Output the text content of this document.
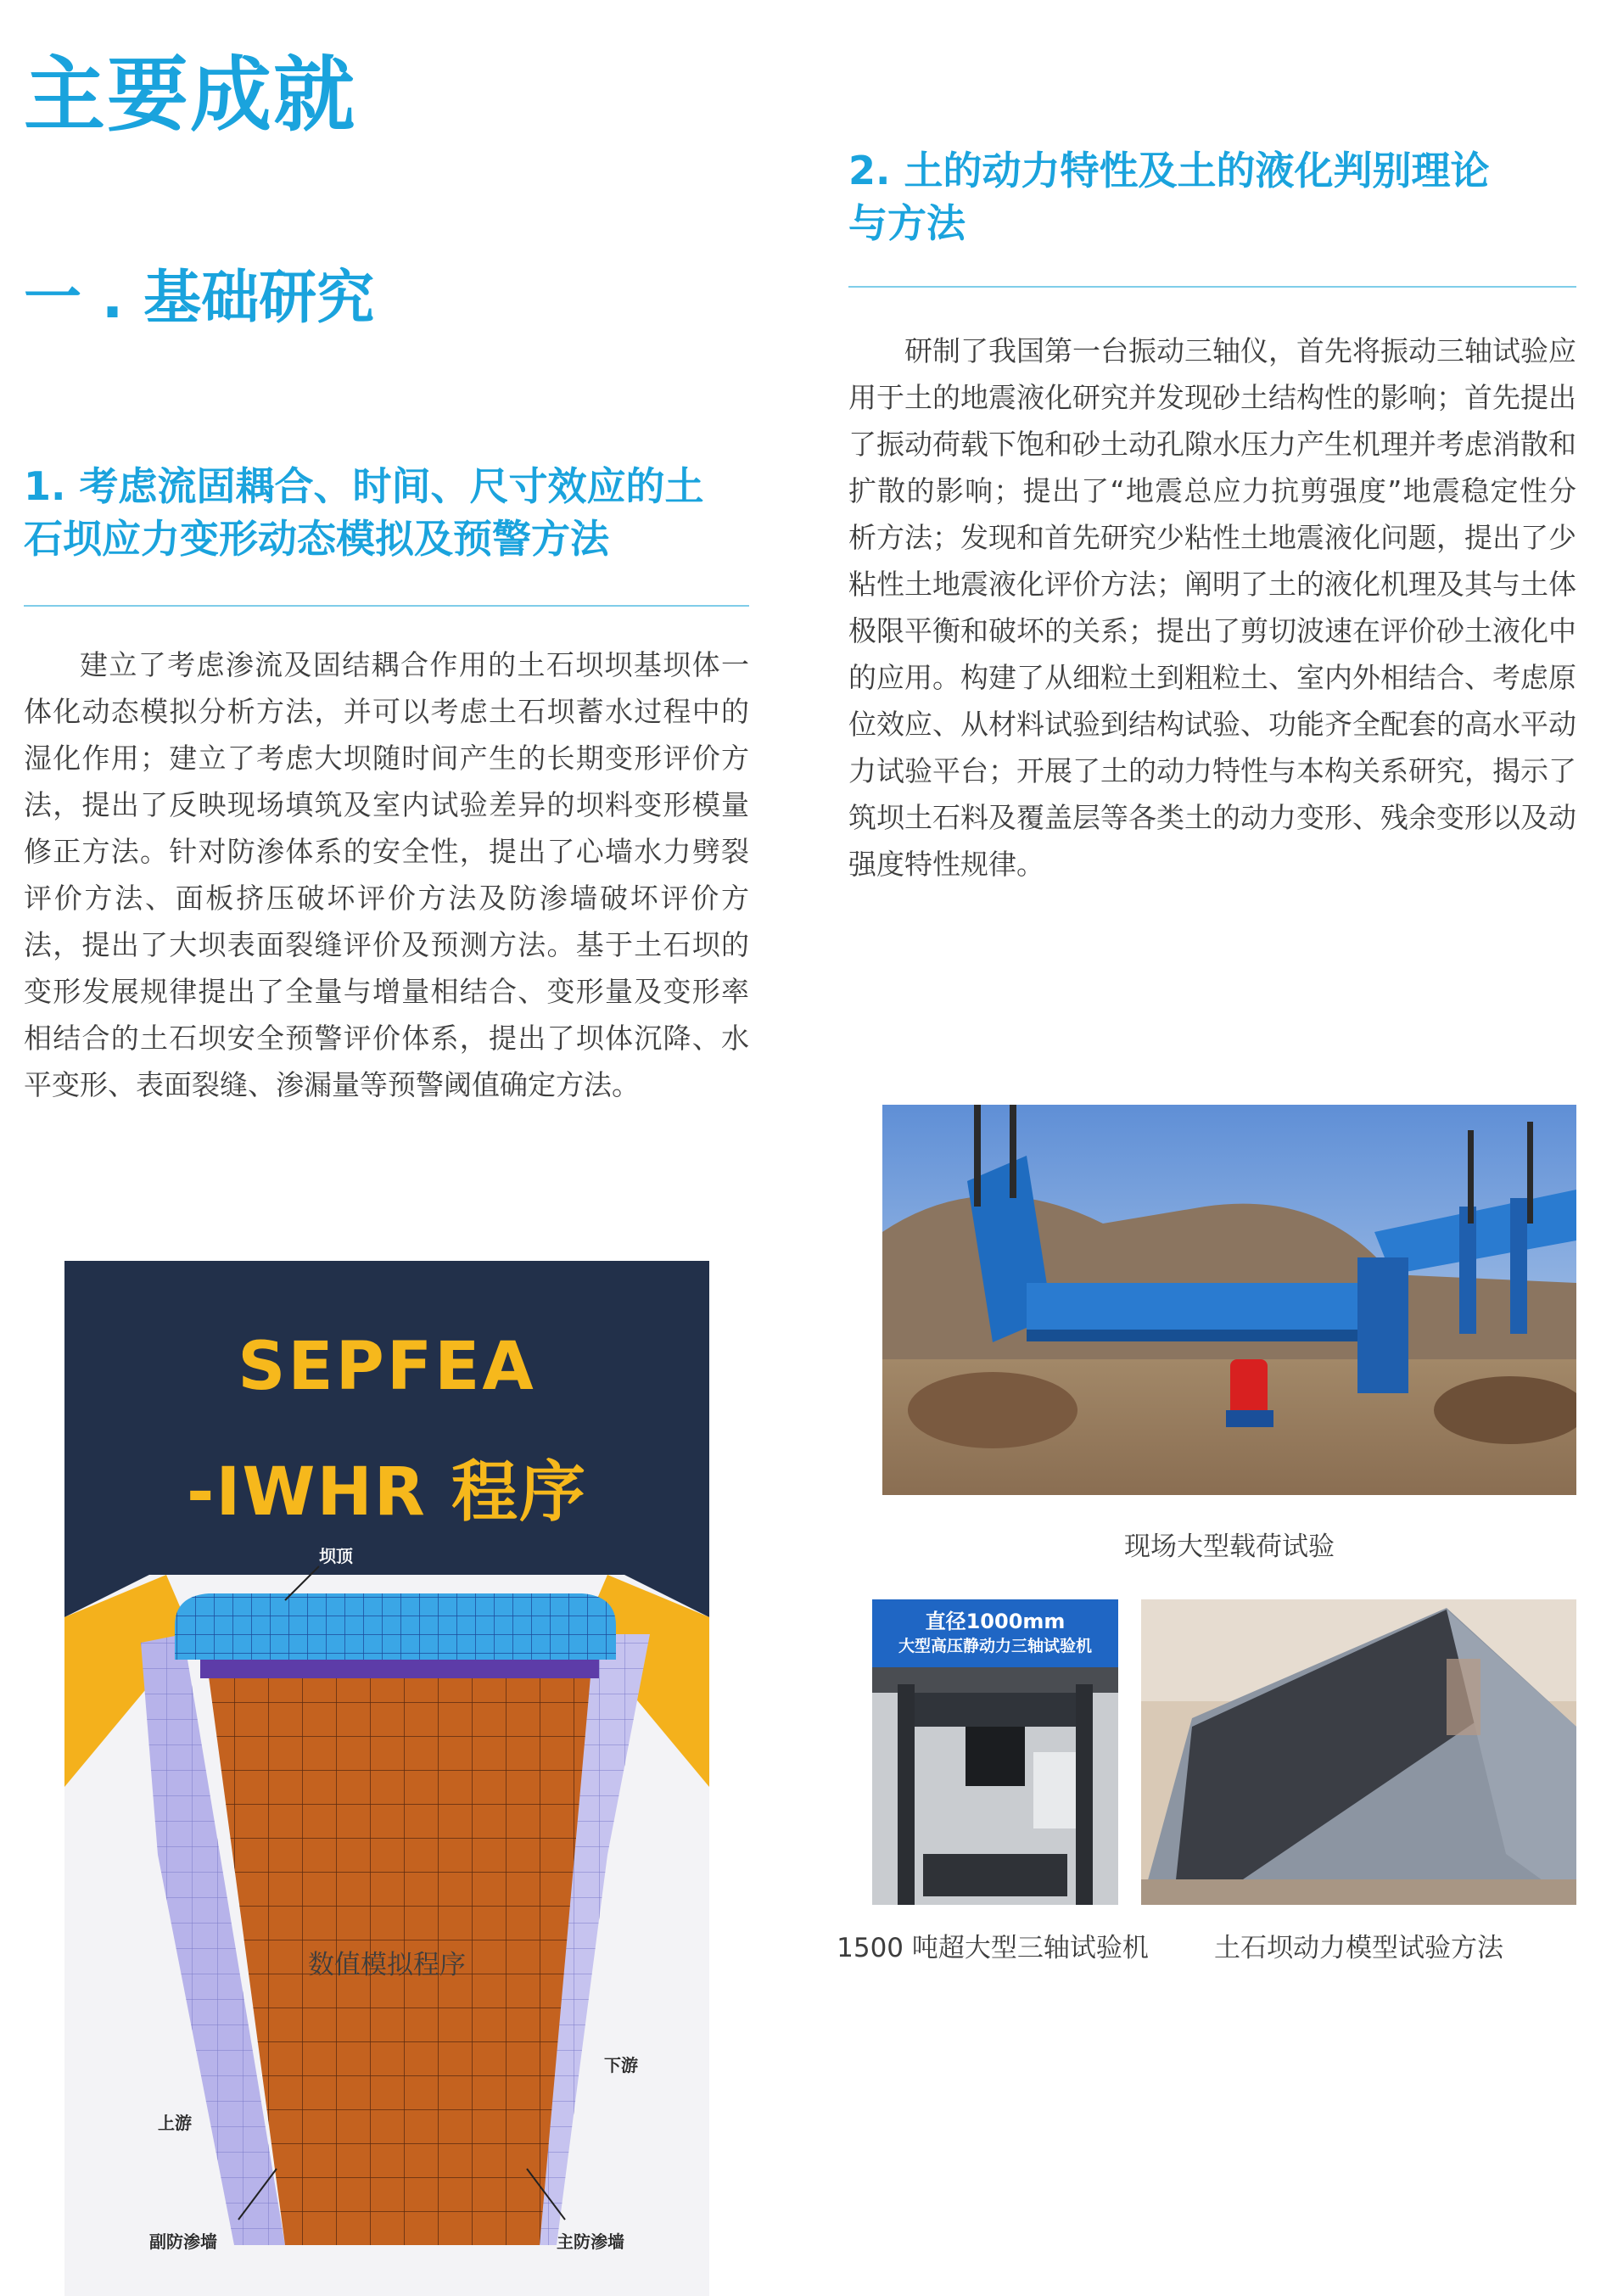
主要成就
一 . 基础研究
1. 考虑流固耦合、时间、尺寸效应的土
石坝应力变形动态模拟及预警方法

建立了考虑渗流及固结耦合作用的土石坝坝基坝体一体化动态模拟分析方法，并可以考虑土石坝蓄水过程中的湿化作用；建立了考虑大坝随时间产生的长期变形评价方法，提出了反映现场填筑及室内试验差异的坝料变形模量修正方法。针对防渗体系的安全性，提出了心墙水力劈裂评价方法、面板挤压破坏评价方法及防渗墙破坏评价方法，提出了大坝表面裂缝评价及预测方法。基于土石坝的变形发展规律提出了全量与增量相结合、变形量及变形率相结合的土石坝安全预警评价体系，提出了坝体沉降、水平变形、表面裂缝、渗漏量等预警阈值确定方法。

2. 土的动力特性及土的液化判别理论
与方法

研制了我国第一台振动三轴仪，首先将振动三轴试验应用于土的地震液化研究并发现砂土结构性的影响；首先提出了振动荷载下饱和砂土动孔隙水压力产生机理并考虑消散和扩散的影响；提出了“地震总应力抗剪强度”地震稳定性分析方法；发现和首先研究少粘性土地震液化问题，提出了少粘性土地震液化评价方法；阐明了土的液化机理及其与土体极限平衡和破坏的关系；提出了剪切波速在评价砂土液化中的应用。构建了从细粒土到粗粒土、室内外相结合、考虑原位效应、从材料试验到结构试验、功能齐全配套的高水平动力试验平台；开展了土的动力特性与本构关系研究，揭示了筑坝土石料及覆盖层等各类土的动力变形、残余变形以及动强度特性规律。

SEPFEA
-IWHR 程序
坝顶
上游
下游
副防渗墙	主防渗墙
数值模拟程序
现场大型载荷试验
直径1000mm
大型高压静动力三轴试验机
1500 吨超大型三轴试验机	土石坝动力模型试验方法
